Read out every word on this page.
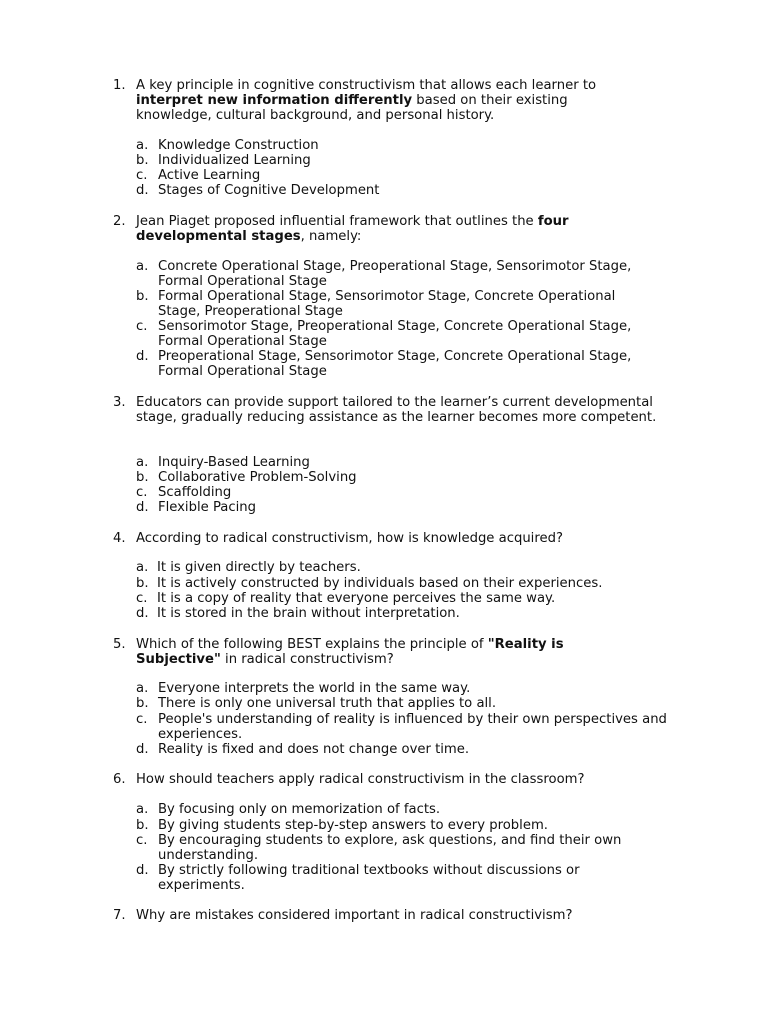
1. A key principle in cognitive constructivism that allows each learner to interpret new information differently based on their existing knowledge, cultural background, and personal history.
a. Knowledge Construction
b. Individualized Learning
c. Active Learning
d. Stages of Cognitive Development
2. Jean Piaget proposed influential framework that outlines the four developmental stages, namely:
a. Concrete Operational Stage, Preoperational Stage, Sensorimotor Stage, Formal Operational Stage
b. Formal Operational Stage, Sensorimotor Stage, Concrete Operational Stage, Preoperational Stage
c. Sensorimotor Stage, Preoperational Stage, Concrete Operational Stage, Formal Operational Stage
d. Preoperational Stage, Sensorimotor Stage, Concrete Operational Stage, Formal Operational Stage
3. Educators can provide support tailored to the learner’s current developmental stage, gradually reducing assistance as the learner becomes more competent.
a. Inquiry-Based Learning
b. Collaborative Problem-Solving
c. Scaffolding
d. Flexible Pacing
4. According to radical constructivism, how is knowledge acquired?
a. It is given directly by teachers.
b. It is actively constructed by individuals based on their experiences.
c. It is a copy of reality that everyone perceives the same way.
d. It is stored in the brain without interpretation.
5. Which of the following BEST explains the principle of "Reality is Subjective" in radical constructivism?
a. Everyone interprets the world in the same way.
b. There is only one universal truth that applies to all.
c. People's understanding of reality is influenced by their own perspectives and experiences.
d. Reality is fixed and does not change over time.
6. How should teachers apply radical constructivism in the classroom?
a. By focusing only on memorization of facts.
b. By giving students step-by-step answers to every problem.
c. By encouraging students to explore, ask questions, and find their own understanding.
d. By strictly following traditional textbooks without discussions or experiments.
7. Why are mistakes considered important in radical constructivism?
